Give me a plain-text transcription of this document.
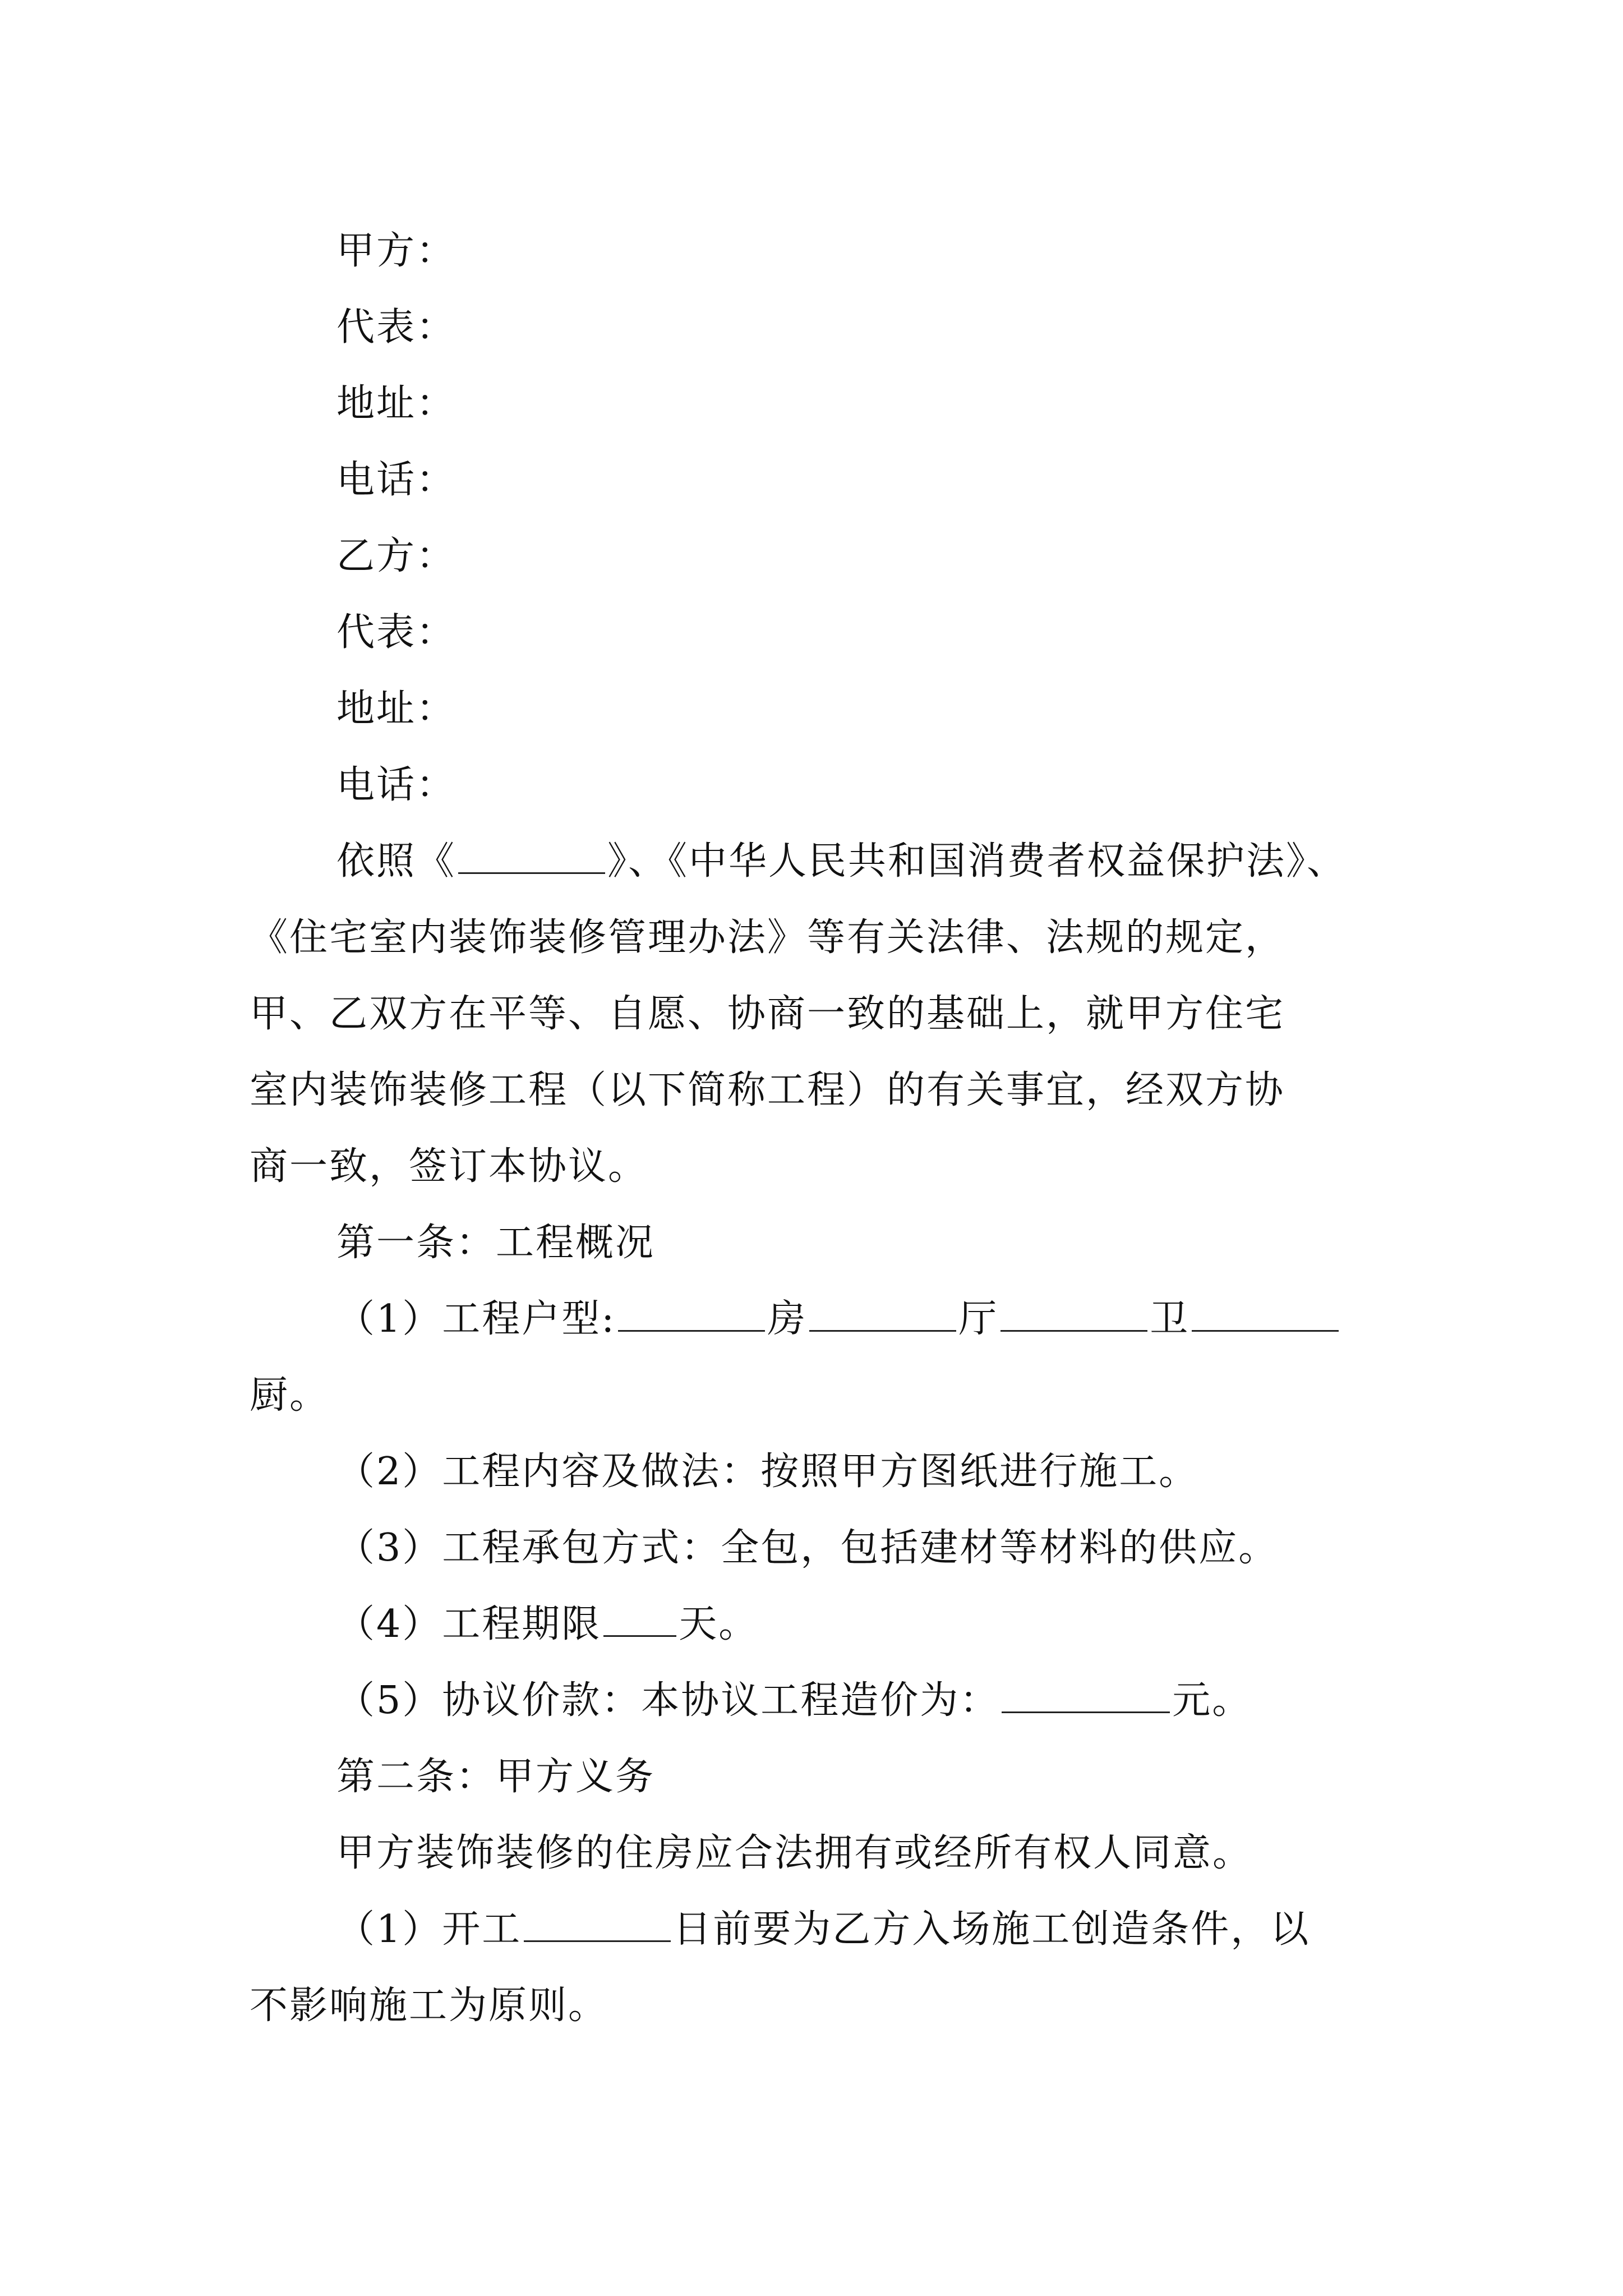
甲方：
代表：
地址：
电话：
乙方：
代表：
地址：
电话：
依照《	》、《中华人民共和国消费者权益保护法》、
《住宅室内装饰装修管理办法》等有关法律、法规的规定，
甲、乙双方在平等、自愿、协商一致的基础上，就甲方住宅
室内装饰装修工程（以下简称工程）的有关事宜，经双方协
商一致，签订本协议。
第一条：工程概况
（1）工程户型:	房	厅	卫
厨。
（2）工程内容及做法：按照甲方图纸进行施工。
（3）工程承包方式：全包，包括建材等材料的供应。
（4）工程期限 天。
（5）协议价款：本协议工程造价为：	元。
第二条：甲方义务
甲方装饰装修的住房应合法拥有或经所有权人同意。
（1）开工	日前要为乙方入场施工创造条件，以
不影响施工为原则。
